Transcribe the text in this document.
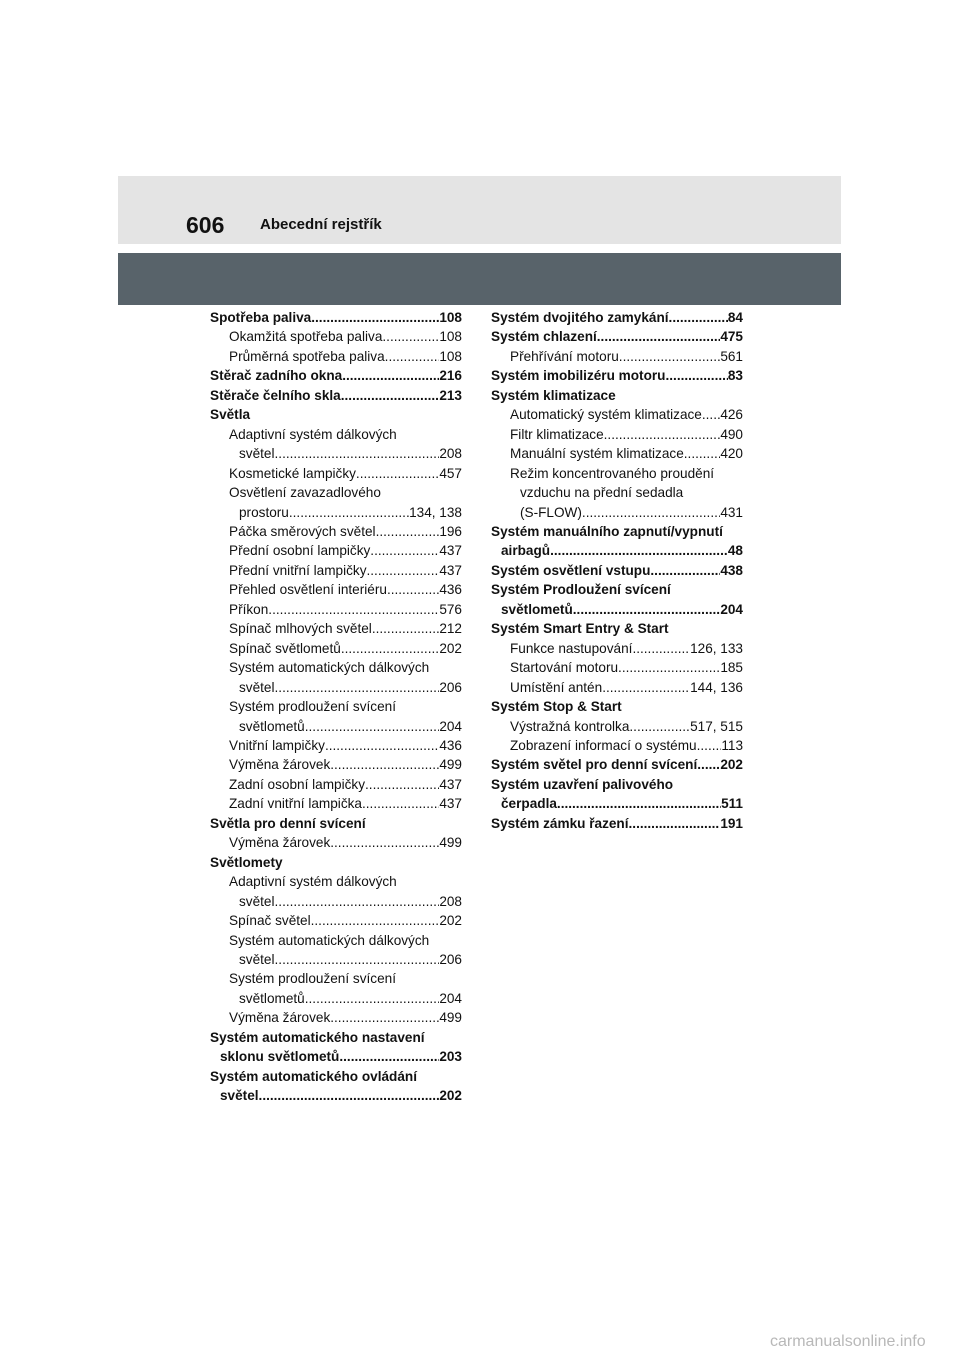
606 Abecední rejstřík
Spotřeba paliva .....	108
Okamžitá spotřeba paliva .....	108
Průměrná spotřeba paliva .....	108
Stěrač zadního okna .....	216
Stěrače čelního skla .....	213
Světla
Adaptivní systém dálkových
světel .....	208
Kosmetické lampičky .....	457
Osvětlení zavazadlového
prostoru .....	134, 138
Páčka směrových světel .....	196
Přední osobní lampičky .....	437
Přední vnitřní lampičky .....	437
Přehled osvětlení interiéru .....	436
Příkon .....	576
Spínač mlhových světel .....	212
Spínač světlometů .....	202
Systém automatických dálkových
světel .....	206
Systém prodloužení svícení
světlometů .....	204
Vnitřní lampičky .....	436
Výměna žárovek .....	499
Zadní osobní lampičky .....	437
Zadní vnitřní lampička .....	437
Světla pro denní svícení
Výměna žárovek .....	499
Světlomety
Adaptivní systém dálkových
světel .....	208
Spínač světel .....	202
Systém automatických dálkových
světel .....	206
Systém prodloužení svícení
světlometů .....	204
Výměna žárovek .....	499
Systém automatického nastavení
sklonu světlometů .....	203
Systém automatického ovládání
světel .....	202
Systém dvojitého zamykání .....	84
Systém chlazení .....	475
Přehřívání motoru .....	561
Systém imobilizéru motoru .....	83
Systém klimatizace
Automatický systém klimatizace ..... 426
Filtr klimatizace .....	490
Manuální systém klimatizace .....	420
Režim koncentrovaného proudění
vzduchu na přední sedadla
(S-FLOW) .....	431
Systém manuálního zapnutí/vypnutí
airbagů .....	48
Systém osvětlení vstupu .....	438
Systém Prodloužení svícení
světlometů .....	204
Systém Smart Entry & Start
Funkce nastupování .....	126, 133
Startování motoru .....	185
Umístění antén .....	144, 136
Systém Stop & Start
Výstražná kontrolka .....	517, 515
Zobrazení informací o systému ..... 113
Systém světel pro denní svícení ..... 202
Systém uzavření palivového
čerpadla .....	511
Systém zámku řazení .....	191
carmanualsonline.info
